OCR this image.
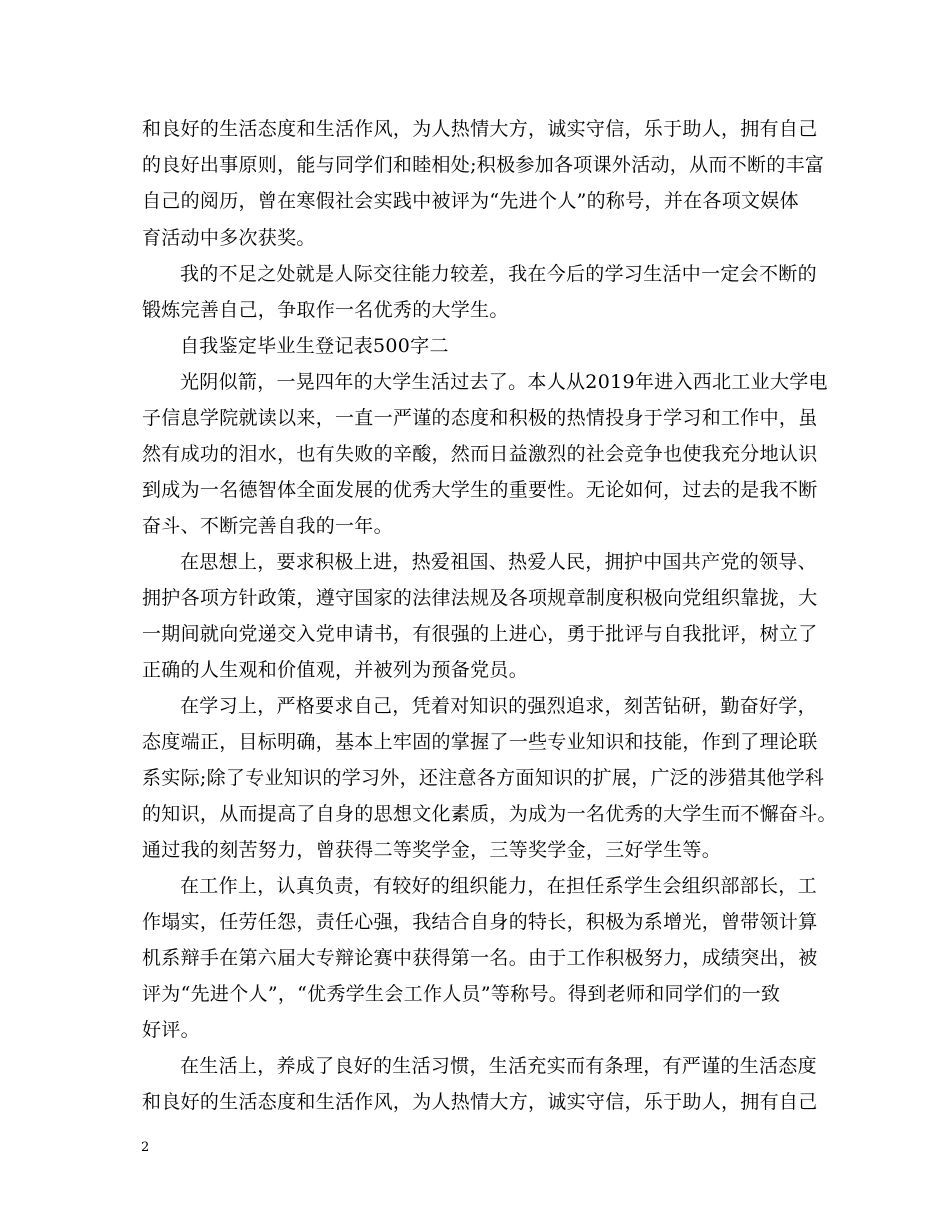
和良好的生活态度和生活作风，为人热情大方，诚实守信，乐于助人，拥有自己
的良好出事原则，能与同学们和睦相处;积极参加各项课外活动，从而不断的丰富
自己的阅历，曾在寒假社会实践中被评为“先进个人”的称号，并在各项文娱体
育活动中多次获奖。
我的不足之处就是人际交往能力较差，我在今后的学习生活中一定会不断的
锻炼完善自己，争取作一名优秀的大学生。
自我鉴定毕业生登记表500字二
光阴似箭，一晃四年的大学生活过去了。本人从2019年进入西北工业大学电
子信息学院就读以来，一直一严谨的态度和积极的热情投身于学习和工作中，虽
然有成功的泪水，也有失败的辛酸，然而日益激烈的社会竞争也使我充分地认识
到成为一名德智体全面发展的优秀大学生的重要性。无论如何，过去的是我不断
奋斗、不断完善自我的一年。
在思想上，要求积极上进，热爱祖国、热爱人民，拥护中国共产党的领导、
拥护各项方针政策，遵守国家的法律法规及各项规章制度积极向党组织靠拢，大
一期间就向党递交入党申请书，有很强的上进心，勇于批评与自我批评，树立了
正确的人生观和价值观，并被列为预备党员。
在学习上，严格要求自己，凭着对知识的强烈追求，刻苦钻研，勤奋好学，
态度端正，目标明确，基本上牢固的掌握了一些专业知识和技能，作到了理论联
系实际;除了专业知识的学习外，还注意各方面知识的扩展，广泛的涉猎其他学科
的知识，从而提高了自身的思想文化素质，为成为一名优秀的大学生而不懈奋斗。
通过我的刻苦努力，曾获得二等奖学金，三等奖学金，三好学生等。
在工作上，认真负责，有较好的组织能力，在担任系学生会组织部部长，工
作塌实，任劳任怨，责任心强，我结合自身的特长，积极为系增光，曾带领计算
机系辩手在第六届大专辩论赛中获得第一名。由于工作积极努力，成绩突出，被
评为“先进个人”，“优秀学生会工作人员”等称号。得到老师和同学们的一致
好评。
在生活上，养成了良好的生活习惯，生活充实而有条理，有严谨的生活态度
和良好的生活态度和生活作风，为人热情大方，诚实守信，乐于助人，拥有自己
2
